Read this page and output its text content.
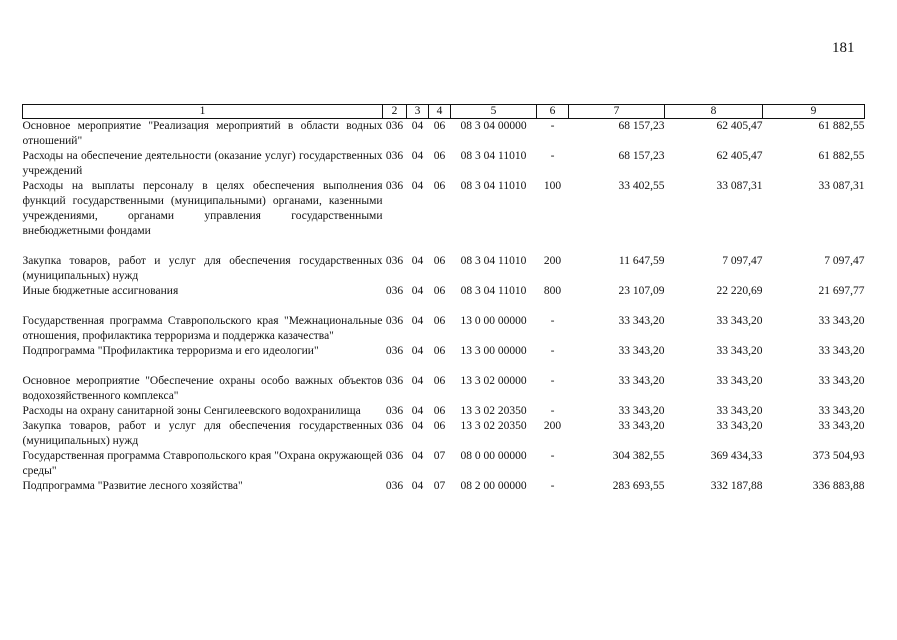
181
1	2	3	4	5	6	7	8	9
Основное мероприятие "Реализация мероприятий в области водных отношений"	036	04	06	08 3 04 00000	-	68 157,23	62 405,47	61 882,55
Расходы на обеспечение деятельности (оказание услуг) государственных учреждений	036	04	06	08 3 04 11010	-	68 157,23	62 405,47	61 882,55
Расходы на выплаты персоналу в целях обеспечения выполнения функций государственными (муниципальными) органами, казенными учреждениями, органами управления государственными внебюджетными фондами	036	04	06	08 3 04 11010	100	33 402,55	33 087,31	33 087,31

Закупка товаров, работ и услуг для обеспечения государственных (муниципальных) нужд	036	04	06	08 3 04 11010	200	11 647,59	7 097,47	7 097,47
Иные бюджетные ассигнования	036	04	06	08 3 04 11010	800	23 107,09	22 220,69	21 697,77

Государственная программа Ставропольского края "Межнациональные отношения, профилактика терроризма и поддержка казачества"	036	04	06	13 0 00 00000	-	33 343,20	33 343,20	33 343,20
Подпрограмма "Профилактика терроризма и его идеологии"	036	04	06	13 3 00 00000	-	33 343,20	33 343,20	33 343,20

Основное мероприятие "Обеспечение охраны особо важных объектов водохозяйственного комплекса"	036	04	06	13 3 02 00000	-	33 343,20	33 343,20	33 343,20
Расходы на охрану санитарной зоны Сенгилеевского водохранилища	036	04	06	13 3 02 20350	-	33 343,20	33 343,20	33 343,20
Закупка товаров, работ и услуг для обеспечения государственных (муниципальных) нужд	036	04	06	13 3 02 20350	200	33 343,20	33 343,20	33 343,20
Государственная программа Ставропольского края "Охрана окружающей среды"	036	04	07	08 0 00 00000	-	304 382,55	369 434,33	373 504,93
Подпрограмма "Развитие лесного хозяйства"	036	04	07	08 2 00 00000	-	283 693,55	332 187,88	336 883,88
